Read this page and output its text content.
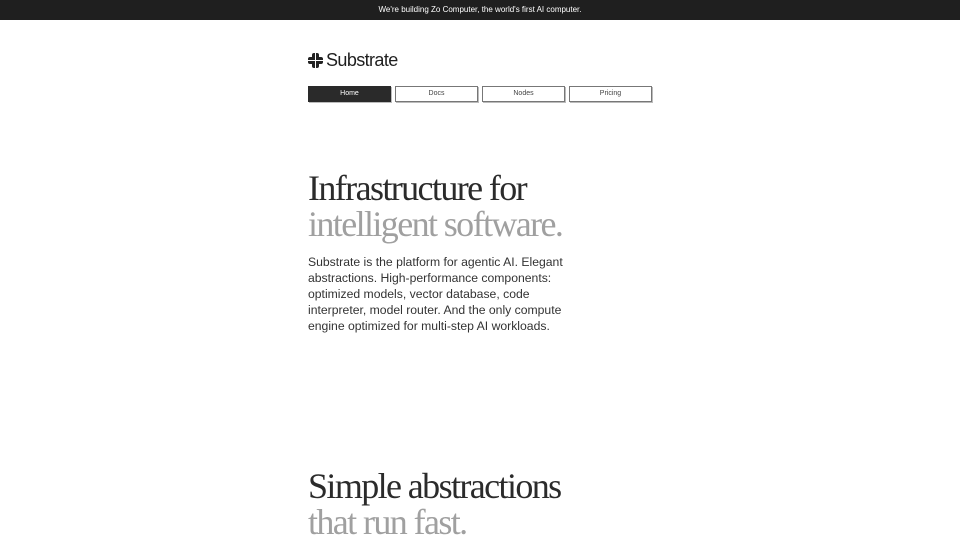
We're building Zo Computer, the world's first AI computer.
Substrate
Home	Docs	Nodes	Pricing
Infrastructure for
intelligent software.

Substrate is the platform for agentic AI. Elegant abstractions. High-performance components: optimized models, vector database, code interpreter, model router. And the only compute engine optimized for multi-step AI workloads.

Simple abstractions
that run fast.
